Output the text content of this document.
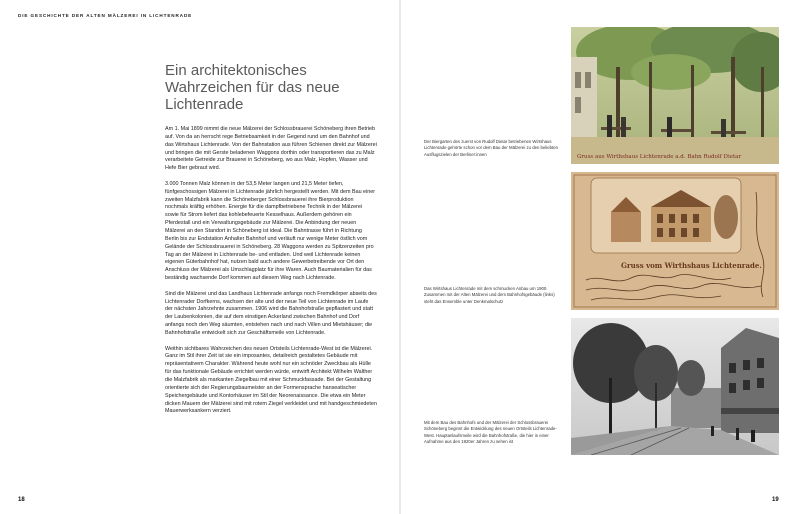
DIE GESCHICHTE DER ALTEN MÄLZEREI IN LICHTENRADE
Ein architektonisches Wahrzeichen für das neue Lichtenrade

Am 1. Mai 1899 nimmt die neue Mälzerei der Schlossbrauerei Schöneberg ihren Betrieb auf. Von da an herrscht rege Betriebsamkeit in der Gegend rund um den Bahnhof und das Wirtshaus Lichtenrade. Von der Bahnstation aus führen Schienen direkt zur Mälzerei und bringen die mit Gerste beladenen Waggons dorthin oder transportieren das zu Malz verarbeitete Getreide zur Brauerei in Schöneberg, wo aus Malz, Hopfen, Wasser und Hefe Bier gebraut wird.

3.000 Tonnen Malz können in der 53,5 Meter langen und 21,5 Meter tiefen, fünfgeschossigen Mälzerei in Lichtenrade jährlich hergestellt werden. Mit dem Bau einer zweiten Malzfabrik kann die Schöneberger Schlossbrauerei ihre Bierproduktion nochmals kräftig erhöhen. Energie für die dampfbetriebene Technik in der Mälzerei sowie für Strom liefert das kohlebefeuerte Kesselhaus. Außerdem gehören ein Pferdestall und ein Verwaltungsgebäude zur Mälzerei. Die Anbindung der neuen Mälzerei an den Standort in Schöneberg ist ideal. Die Bahntrasse führt in Richtung Berlin bis zur Endstation Anhalter Bahnhof und verläuft nur wenige Meter östlich vom Gelände der Schlossbrauerei in Schöneberg. 28 Waggons werden zu Spitzenzeiten pro Tag an der Mälzerei in Lichtenrade be- und entladen. Und weil Lichtenrade keinen eigenen Güterbahnhof hat, nutzen bald auch andere Gewerbetreibende vor Ort den Anschluss der Mälzerei als Umschlagplatz für ihre Waren. Auch Baumaterialien für das beständig wachsende Dorf kommen auf diesem Weg nach Lichtenrade.

Sind die Mälzerei und das Landhaus Lichtenrade anfangs noch Fremdkörper abseits des Lichtenrader Dorfkerns, wachsen der alte und der neue Teil von Lichtenrade im Laufe der nächsten Jahrzehnte zusammen. 1906 wird die Bahnhofstraße gepflastert und statt der Laubenkolonien, die auf dem einstigen Ackerland zwischen Bahnhof und Dorf anfangs noch den Weg säumten, entstehen nach und nach Villen und Mietshäuser; die Bahnhofstraße entwickelt sich zur Geschäftsmeile von Lichtenrade.

Weithin sichtbares Wahrzeichen des neuen Ortsteils Lichtenrade-West ist die Mälzerei. Ganz im Stil ihrer Zeit ist sie ein imposantes, detailreich gestaltetes Gebäude mit repräsentativem Charakter. Während heute wohl nur ein schnöder Zweckbau als Hülle für das funktionale Gebäude errichtet werden würde, entwirft Architekt Wilhelm Walther die Malzfabrik als markanten Ziegelbau mit einer Schmuckfassade. Bei der Gestaltung orientierte sich der Regierungsbaumeister an der Formensprache hanseatischer Speichergebäude und Kontorhäuser im Stil der Neorenaissance. Die etwa ein Meter dicken Mauern der Mälzerei sind mit rotem Ziegel verkleidet und mit handgeschmiedeten Mauerwerksankern verziert.

18
Der Biergarten des zuerst von Rudolf Dietar betriebenen Wirtshaus Lichtenrade gehörte schon vor dem Bau der Mälzerei zu den beliebten Ausflugszielen der Berliner:innen
Das Wirtshaus Lichtenrade mit dem schmucken Anbau um 1900. Zusammen mit der Alten Mälzerei und dem Bahnhofsgebäude (links) steht das Ensemble unter Denkmalschutz
Mit dem Bau des Bahnhofs und der Mälzerei der Schlossbrauerei Schöneberg beginnt die Entwicklung des neuen Ortsteils Lichtenrade-West. Hauptanlaufsmeile wird die Bahnhofstraße, die hier in einer Aufnahme aus den 1920er Jahren zu sehen ist
Gruss aus Wirthshaus Lichtenrade a.d. Bahn Rudolf Dietar
Gruss vom Wirthshaus Lichtenrade.
19
